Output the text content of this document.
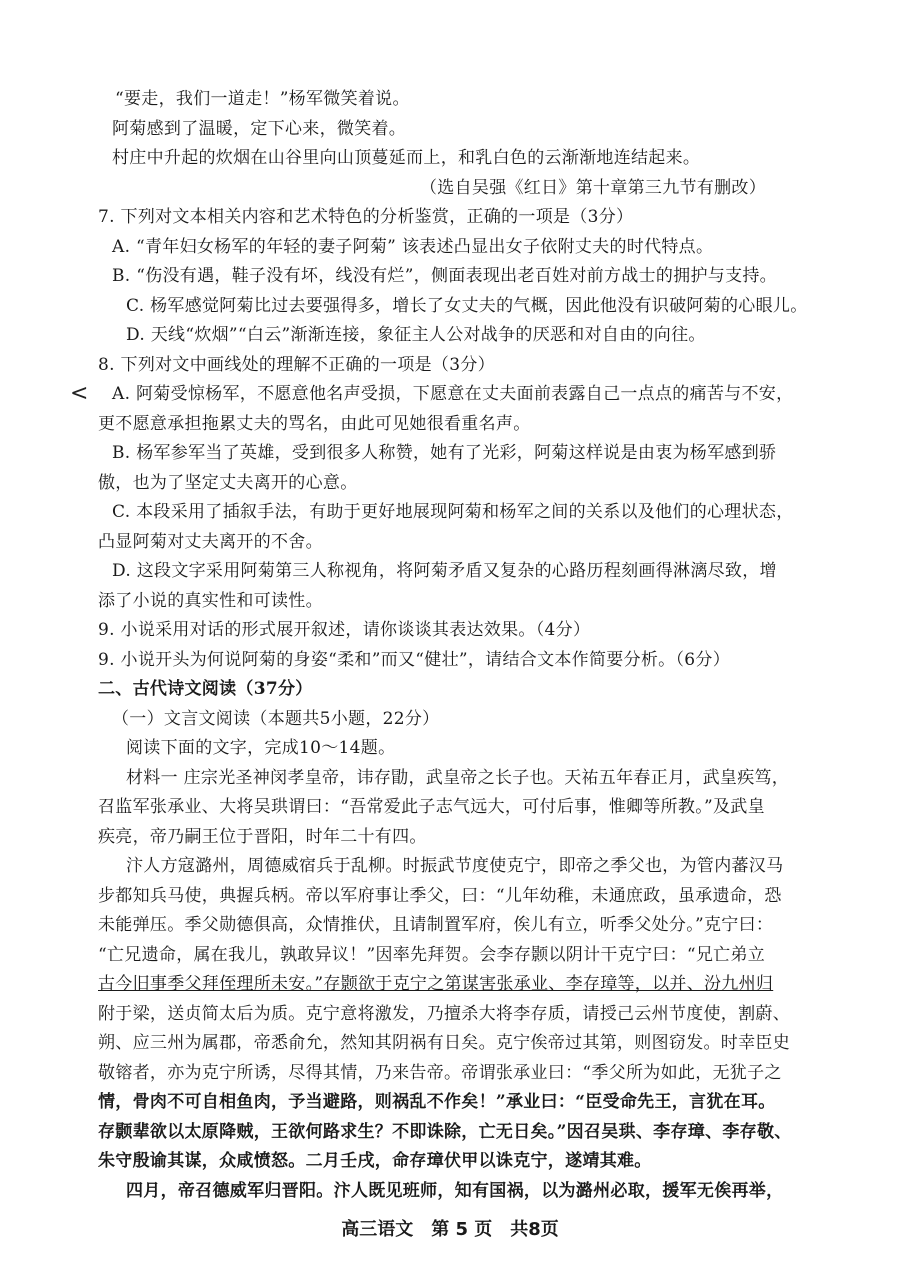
“要走，我们一道走！”杨军微笑着说。
阿菊感到了温暖，定下心来，微笑着。
村庄中升起的炊烟在山谷里向山顶蔓延而上，和乳白色的云渐渐地连结起来。
（选自吴强《红日》第十章第三九节有删改）
7. 下列对文本相关内容和艺术特色的分析鉴赏，正确的一项是（3分）
A. “青年妇女杨军的年轻的妻子阿菊” 该表述凸显出女子依附丈夫的时代特点。
B. “伤没有遇，鞋子没有坏，线没有烂”，侧面表现出老百姓对前方战士的拥护与支持。
C. 杨军感觉阿菊比过去要强得多，增长了女丈夫的气概，因此他没有识破阿菊的心眼儿。
D. 天线“炊烟”“白云”渐渐连接，象征主人公对战争的厌恶和对自由的向往。
8. 下列对文中画线处的理解不正确的一项是（3分）
< A. 阿菊受惊杨军，不愿意他名声受损，下愿意在丈夫面前表露自己一点点的痛苦与不安，
更不愿意承担拖累丈夫的骂名，由此可见她很看重名声。
B. 杨军参军当了英雄，受到很多人称赞，她有了光彩，阿菊这样说是由衷为杨军感到骄
傲，也为了坚定丈夫离开的心意。
C. 本段采用了插叙手法，有助于更好地展现阿菊和杨军之间的关系以及他们的心理状态，
凸显阿菊对丈夫离开的不舍。
D. 这段文字采用阿菊第三人称视角，将阿菊矛盾又复杂的心路历程刻画得淋漓尽致，增
添了小说的真实性和可读性。
9. 小说采用对话的形式展开叙述，请你谈谈其表达效果。（4分）
9. 小说开头为何说阿菊的身姿“柔和”而又“健壮”，请结合文本作简要分析。（6分）
二、古代诗文阅读（37分）
（一）文言文阅读（本题共5小题，22分）
阅读下面的文字，完成10～14题。
材料一 庄宗光圣神闵孝皇帝，讳存勖，武皇帝之长子也。天祐五年春正月，武皇疾笃，
召监军张承业、大将吴珙谓曰：“吾常爱此子志气远大，可付后事，惟卿等所教。”及武皇
疾亮，帝乃嗣王位于晋阳，时年二十有四。
汴人方寇潞州，周德威宿兵于乱柳。时振武节度使克宁，即帝之季父也，为管内蕃汉马
步都知兵马使，典握兵柄。帝以军府事让季父，曰：“儿年幼稚，未通庶政，虽承遗命，恐
未能弹压。季父勋德俱高，众情推伏，且请制置军府，俟儿有立，听季父处分。”克宁曰：
“亡兄遗命，属在我儿，孰敢异议！”因率先拜贺。会李存颢以阴计干克宁曰：“兄亡弟立
古今旧事季父拜侄理所未安。”存颢欲于克宁之第谋害张承业、李存璋等，以并、汾九州归
附于梁，送贞简太后为质。克宁意将激发，乃擅杀大将李存质，请授己云州节度使，割蔚、
朔、应三州为属郡，帝悉俞允，然知其阴祸有日矣。克宁俟帝过其第，则图窃发。时幸臣史
敬镕者，亦为克宁所诱，尽得其情，乃来告帝。帝谓张承业曰：“季父所为如此，无犹子之
情，骨肉不可自相鱼肉，予当避路，则祸乱不作矣！”承业曰：“臣受命先王，言犹在耳。
存颢辈欲以太原降贼，王欲何路求生？不即诛除，亡无日矣。”因召吴珙、李存璋、李存敬、
朱守殷谕其谋，众咸愤怒。二月壬戌，命存璋伏甲以诛克宁，遂靖其难。
四月，帝召德威军归晋阳。汴人既见班师，知有国祸，以为潞州必取，援军无俟再举，
高三语文　第 5 页　共8页
